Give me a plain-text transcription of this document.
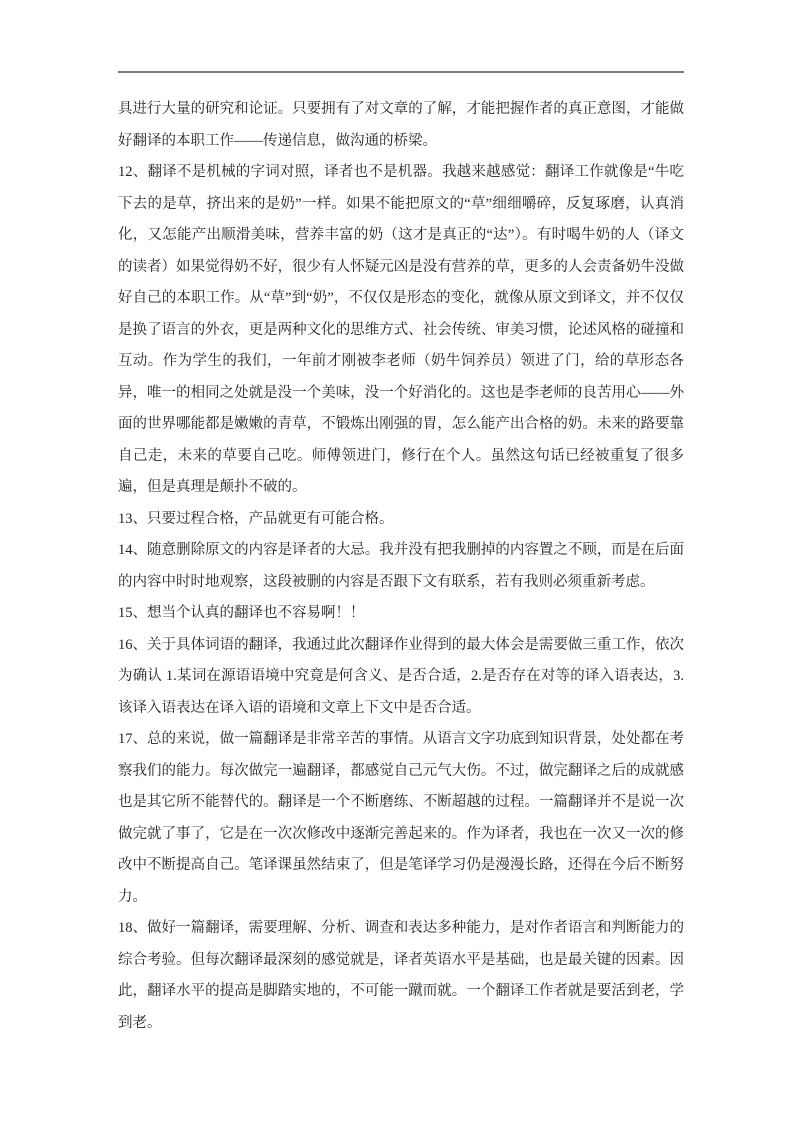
具进行大量的研究和论证。只要拥有了对文章的了解，才能把握作者的真正意图，才能做好翻译的本职工作——传递信息，做沟通的桥梁。

12、翻译不是机械的字词对照，译者也不是机器。我越来越感觉：翻译工作就像是“牛吃下去的是草，挤出来的是奶”一样。如果不能把原文的“草”细细嚼碎，反复琢磨，认真消化，又怎能产出顺滑美味，营养丰富的奶（这才是真正的“达”）。有时喝牛奶的人（译文的读者）如果觉得奶不好，很少有人怀疑元凶是没有营养的草，更多的人会责备奶牛没做好自己的本职工作。从“草”到“奶”，不仅仅是形态的变化，就像从原文到译文，并不仅仅是换了语言的外衣，更是两种文化的思维方式、社会传统、审美习惯，论述风格的碰撞和互动。作为学生的我们，一年前才刚被李老师（奶牛饲养员）领进了门，给的草形态各异，唯一的相同之处就是没一个美味，没一个好消化的。这也是李老师的良苦用心——外面的世界哪能都是嫩嫩的青草，不锻炼出刚强的胃，怎么能产出合格的奶。未来的路要靠自己走，未来的草要自己吃。师傅领进门，修行在个人。虽然这句话已经被重复了很多遍，但是真理是颠扑不破的。

13、只要过程合格，产品就更有可能合格。

14、随意删除原文的内容是译者的大忌。我并没有把我删掉的内容置之不顾，而是在后面的内容中时时地观察，这段被删的内容是否跟下文有联系，若有我则必须重新考虑。

15、想当个认真的翻译也不容易啊！！

16、关于具体词语的翻译，我通过此次翻译作业得到的最大体会是需要做三重工作，依次为确认 1.某词在源语语境中究竟是何含义、是否合适，2.是否存在对等的译入语表达，3.该译入语表达在译入语的语境和文章上下文中是否合适。

17、总的来说，做一篇翻译是非常辛苦的事情。从语言文字功底到知识背景，处处都在考察我们的能力。每次做完一遍翻译，都感觉自己元气大伤。不过，做完翻译之后的成就感也是其它所不能替代的。翻译是一个不断磨练、不断超越的过程。一篇翻译并不是说一次做完就了事了，它是在一次次修改中逐渐完善起来的。作为译者，我也在一次又一次的修改中不断提高自己。笔译课虽然结束了，但是笔译学习仍是漫漫长路，还得在今后不断努力。

18、做好一篇翻译，需要理解、分析、调查和表达多种能力，是对作者语言和判断能力的综合考验。但每次翻译最深刻的感觉就是，译者英语水平是基础，也是最关键的因素。因此，翻译水平的提高是脚踏实地的，不可能一蹴而就。一个翻译工作者就是要活到老，学到老。
